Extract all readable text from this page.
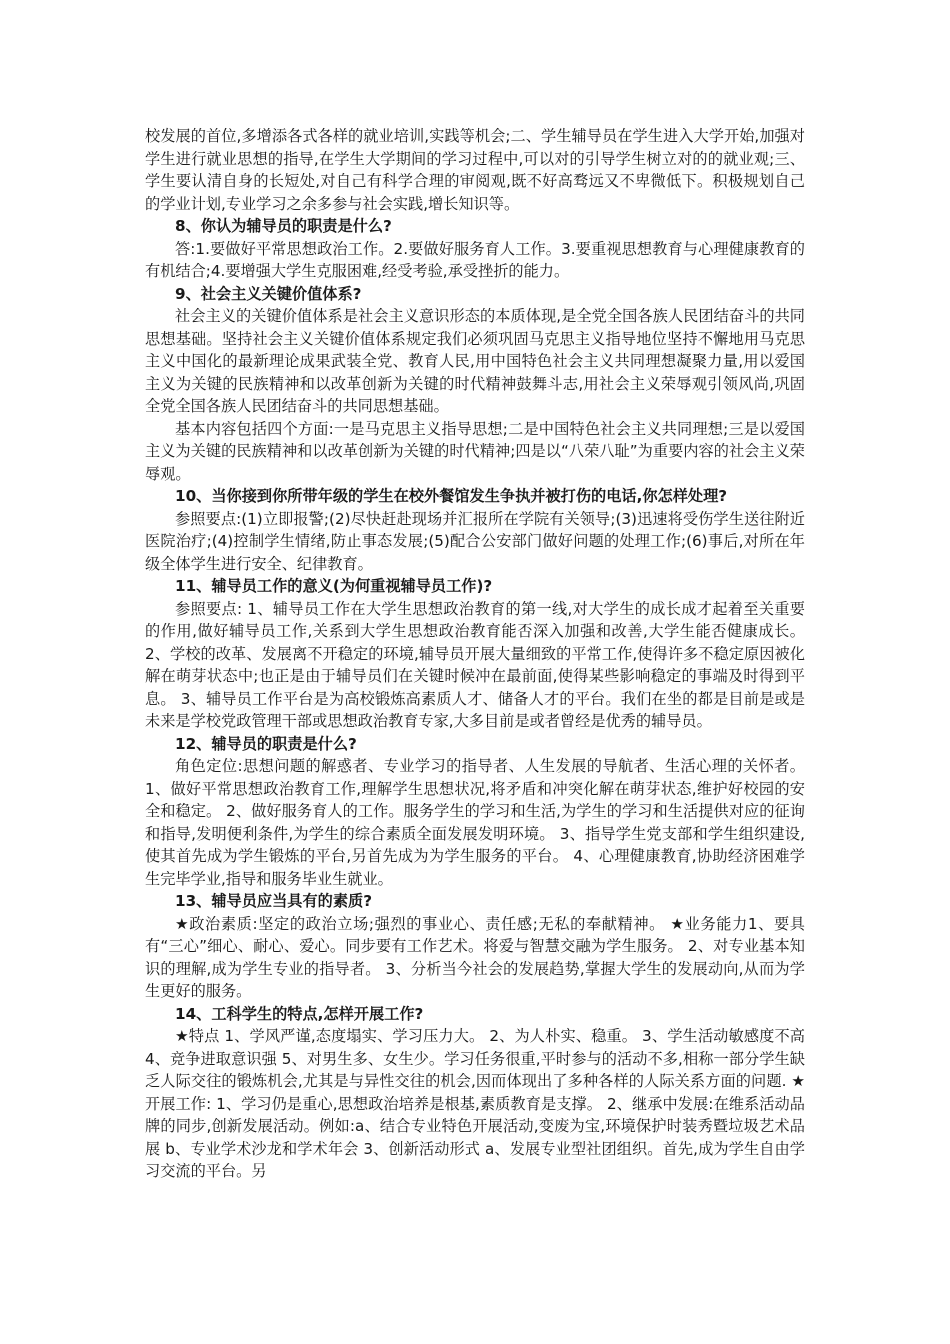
校发展的首位,多增添各式各样的就业培训,实践等机会;二、学生辅导员在学生进入大学开始,加强对学生进行就业思想的指导,在学生大学期间的学习过程中,可以对的引导学生树立对的的就业观;三、学生要认清自身的长短处,对自己有科学合理的审阅观,既不好高骛远又不卑微低下。积极规划自己的学业计划,专业学习之余多参与社会实践,增长知识等。

8、你认为辅导员的职责是什么?

答:1.要做好平常思想政治工作。2.要做好服务育人工作。3.要重视思想教育与心理健康教育的有机结合;4.要增强大学生克服困难,经受考验,承受挫折的能力。

9、社会主义关键价值体系?

社会主义的关键价值体系是社会主义意识形态的本质体现,是全党全国各族人民团结奋斗的共同思想基础。坚持社会主义关键价值体系规定我们必须巩固马克思主义指导地位坚持不懈地用马克思主义中国化的最新理论成果武装全党、教育人民,用中国特色社会主义共同理想凝聚力量,用以爱国主义为关键的民族精神和以改革创新为关键的时代精神鼓舞斗志,用社会主义荣辱观引领风尚,巩固全党全国各族人民团结奋斗的共同思想基础。

基本内容包括四个方面:一是马克思主义指导思想;二是中国特色社会主义共同理想;三是以爱国主义为关键的民族精神和以改革创新为关键的时代精神;四是以“八荣八耻”为重要内容的社会主义荣辱观。

10、当你接到你所带年级的学生在校外餐馆发生争执并被打伤的电话,你怎样处理?

参照要点:(1)立即报警;(2)尽快赶赴现场并汇报所在学院有关领导;(3)迅速将受伤学生送往附近医院治疗;(4)控制学生情绪,防止事态发展;(5)配合公安部门做好问题的处理工作;(6)事后,对所在年级全体学生进行安全、纪律教育。

11、辅导员工作的意义(为何重视辅导员工作)?

参照要点: 1、辅导员工作在大学生思想政治教育的第一线,对大学生的成长成才起着至关重要的作用,做好辅导员工作,关系到大学生思想政治教育能否深入加强和改善,大学生能否健康成长。 2、学校的改革、发展离不开稳定的环境,辅导员开展大量细致的平常工作,使得许多不稳定原因被化解在萌芽状态中;也正是由于辅导员们在关键时候冲在最前面,使得某些影响稳定的事端及时得到平息。 3、辅导员工作平台是为高校锻炼高素质人才、储备人才的平台。我们在坐的都是目前是或是未来是学校党政管理干部或思想政治教育专家,大多目前是或者曾经是优秀的辅导员。

12、辅导员的职责是什么?

角色定位:思想问题的解惑者、专业学习的指导者、人生发展的导航者、生活心理的关怀者。1、做好平常思想政治教育工作,理解学生思想状况,将矛盾和冲突化解在萌芽状态,维护好校园的安全和稳定。 2、做好服务育人的工作。服务学生的学习和生活,为学生的学习和生活提供对应的征询和指导,发明便利条件,为学生的综合素质全面发展发明环境。 3、指导学生党支部和学生组织建设,使其首先成为学生锻炼的平台,另首先成为为学生服务的平台。 4、心理健康教育,协助经济困难学生完毕学业,指导和服务毕业生就业。

13、辅导员应当具有的素质?

★政治素质:坚定的政治立场;强烈的事业心、责任感;无私的奉献精神。 ★业务能力1、要具有“三心”细心、耐心、爱心。同步要有工作艺术。将爱与智慧交融为学生服务。 2、对专业基本知识的理解,成为学生专业的指导者。 3、分析当今社会的发展趋势,掌握大学生的发展动向,从而为学生更好的服务。

14、工科学生的特点,怎样开展工作?

★特点 1、学风严谨,态度塌实、学习压力大。 2、为人朴实、稳重。 3、学生活动敏感度不高 4、竞争进取意识强 5、对男生多、女生少。学习任务很重,平时参与的活动不多,相称一部分学生缺乏人际交往的锻炼机会,尤其是与异性交往的机会,因而体现出了多种各样的人际关系方面的问题. ★开展工作: 1、学习仍是重心,思想政治培养是根基,素质教育是支撑。 2、继承中发展:在维系活动品牌的同步,创新发展活动。例如:a、结合专业特色开展活动,变废为宝,环境保护时装秀暨垃圾艺术品展 b、专业学术沙龙和学术年会 3、创新活动形式 a、发展专业型社团组织。首先,成为学生自由学习交流的平台。另
